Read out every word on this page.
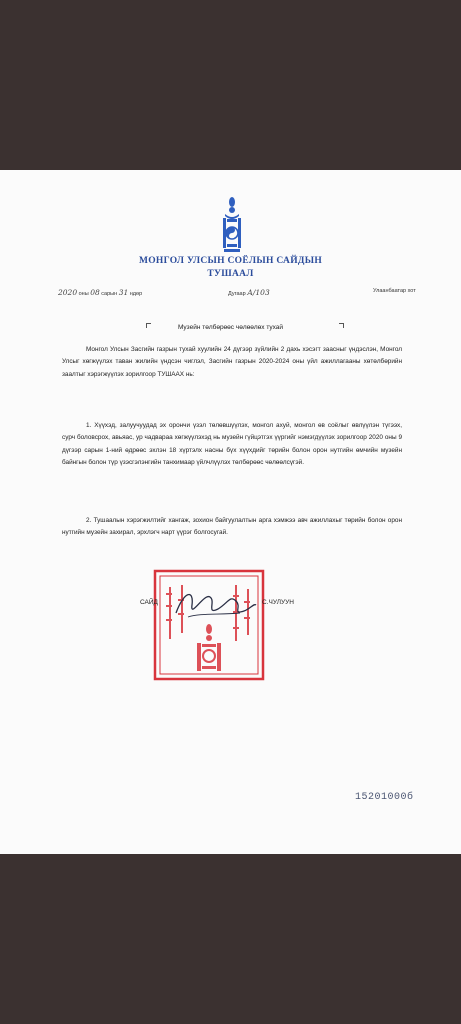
МОНГОЛ УЛСЫН СОЁЛЫН САЙДЫН
ТУШААЛ
2020 оны 08 сарын 31 ндөр	Дугаар А/103	Улаанбаатар хот
Музейн төлбөрөөс чөлөөлөх тухай

Монгол Улсын Засгийн газрын тухай хуулийн 24 дүгээр зүйлийн 2 дахь хэсэгт заасныг үндэслэн, Монгол Улсыг хөгжүүлэх таван жилийн үндсэн чиглэл, Засгийн газрын 2020-2024 оны үйл ажиллагааны хөтөлбөрийн заалтыг хэрэгжүүлэх зорилгоор ТУШААХ нь:

1. Хүүхэд, залуучуудад эх орончи үзэл төлөвшүүлэх, монгол ахуй, монгол өв соёлыг өвлүүлэн түгээх, сурч боловсрох, авьяас, ур чадвараа хөгжүүлэхэд нь музейн гүйцэтгэх үүргийг нэмэгдүүлэх зорилгоор 2020 оны 9 дүгээр сарын 1-ний өдрөөс эхлэн 18 хүртэлх насны бүх хүүхдийг төрийн болон орон нутгийн өмчийн музейн байнгын болон түр үзэсгэлэнгийн танхимаар үйлчлүүлэх төлбөрөөс чөлөөлсүгэй.

2. Тушаалын хэрэгжилтийг хангаж, зохион байгуулалтын арга хэмжээ авч ажиллахыг төрийн болон орон нутгийн музейн захирал, эрхлэгч нарт үүрэг болгосугай.

САЙД	С.ЧУЛУУН
15201000б
